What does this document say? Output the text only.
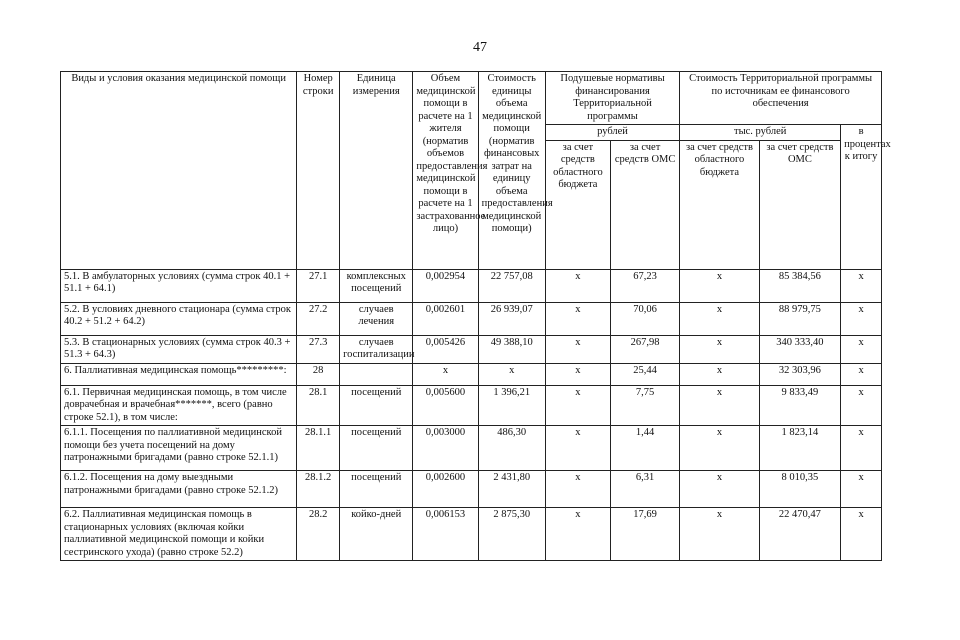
47
Виды и условия оказания медицинской помощи	Номер строки	Единица измерения	Объем медицинской помощи в расчете на 1 жителя (норматив объемов предоставления медицинской помощи в расчете на 1 застрахованное лицо)	Стоимость единицы объема медицинской помощи (норматив финансовых затрат на единицу объема предоставления медицинской помощи)	Подушевые нормативы финансирования Территориальной программы		Стоимость Территориальной программы по источникам ее финансового обеспечения		
					рублей		тыс. рублей		в процентах к итогу
					за счет средств областного бюджета	за счет средств ОМС	за счет средств областного бюджета	за счет средств ОМС	
5.1. В амбулаторных условиях (сумма строк 40.1 + 51.1 + 64.1)	27.1	комплексных посещений	0,002954	22 757,08	х	67,23	х	85 384,56	х
5.2. В условиях дневного стационара (сумма строк 40.2 + 51.2 + 64.2)	27.2	случаев лечения	0,002601	26 939,07	х	70,06	х	88 979,75	х
5.3. В стационарных условиях (сумма строк 40.3 + 51.3 + 64.3)	27.3	случаев госпитализации	0,005426	49 388,10	х	267,98	х	340 333,40	х
6. Паллиативная медицинская помощь*********:	28		х	х	х	25,44	х	32 303,96	х
6.1. Первичная медицинская помощь, в том числе доврачебная и врачебная*******, всего (равно строке 52.1), в том числе:	28.1	посещений	0,005600	1 396,21	х	7,75	х	9 833,49	х
6.1.1. Посещения по паллиативной медицинской помощи без учета посещений на дому патронажными бригадами (равно строке 52.1.1)	28.1.1	посещений	0,003000	486,30	х	1,44	х	1 823,14	х
6.1.2. Посещения на дому выездными патронажными бригадами (равно строке 52.1.2)	28.1.2	посещений	0,002600	2 431,80	х	6,31	х	8 010,35	х
6.2. Паллиативная медицинская помощь в стационарных условиях (включая койки паллиативной медицинской помощи и койки сестринского ухода) (равно строке 52.2)	28.2	койко-дней	0,006153	2 875,30	х	17,69	х	22 470,47	х
